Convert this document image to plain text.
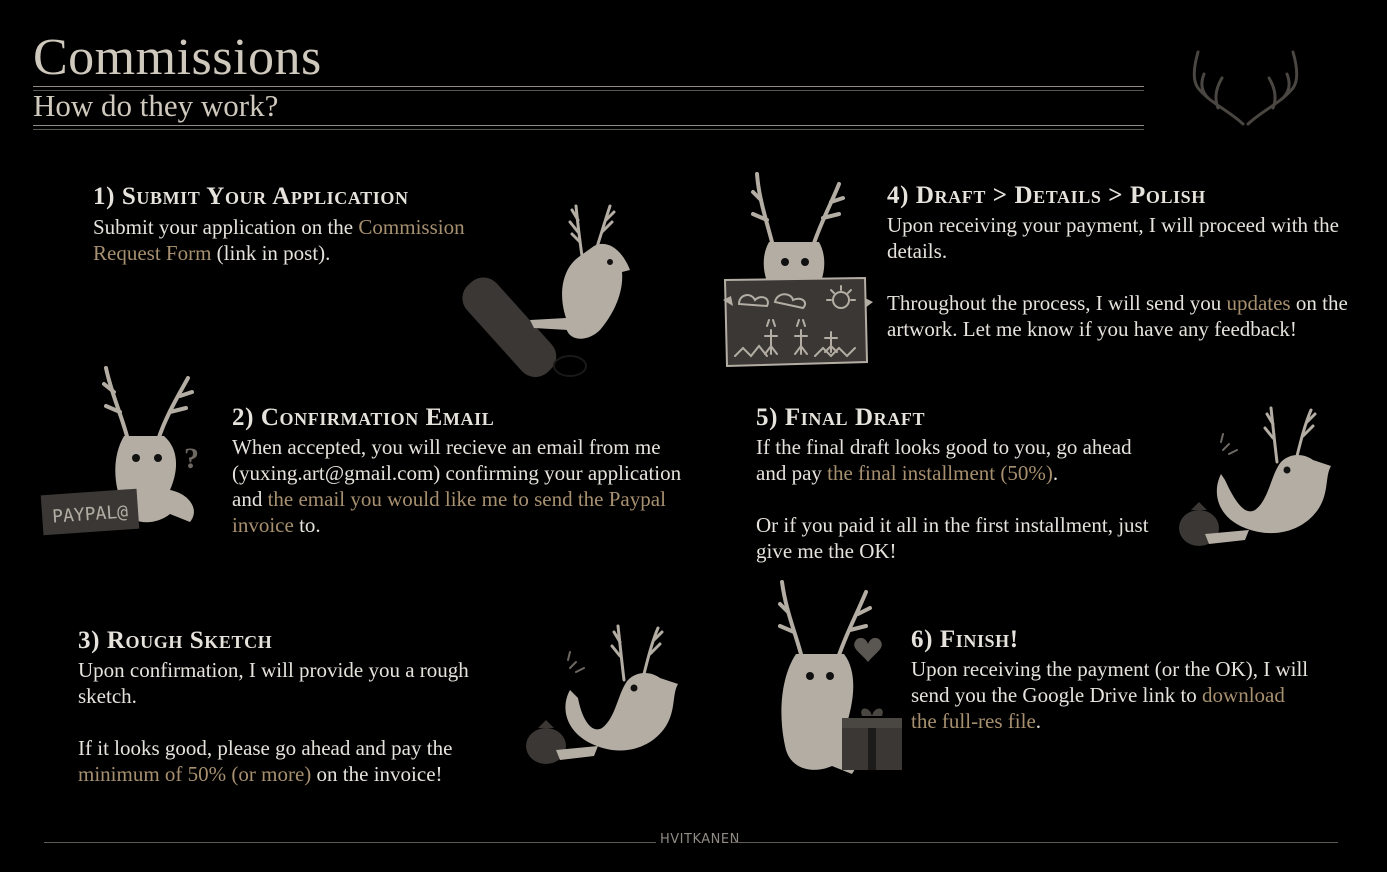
Commissions
How do they work?
1) Submit Your Application
Submit your application on the Commission Request Form (link in post).
2) Confirmation Email
When accepted, you will recieve an email from me (yuxing.art@gmail.com) confirming your application and the email you would like me to send the Paypal invoice to.
PAYPAL@
?
3) Rough Sketch
Upon confirmation, I will provide you a rough sketch.
If it looks good, please go ahead and pay the minimum of 50% (or more) on the invoice!
4) Draft > Details > Polish
Upon receiving your payment, I will proceed with the details.
Throughout the process, I will send you updates on the artwork. Let me know if you have any feedback!
5) Final Draft
If the final draft looks good to you, go ahead and pay the final installment (50%).
Or if you paid it all in the first installment, just give me the OK!
6) Finish!
Upon receiving the payment (or the OK), I will send you the Google Drive link to download the full-res file.
HVITKANEN
